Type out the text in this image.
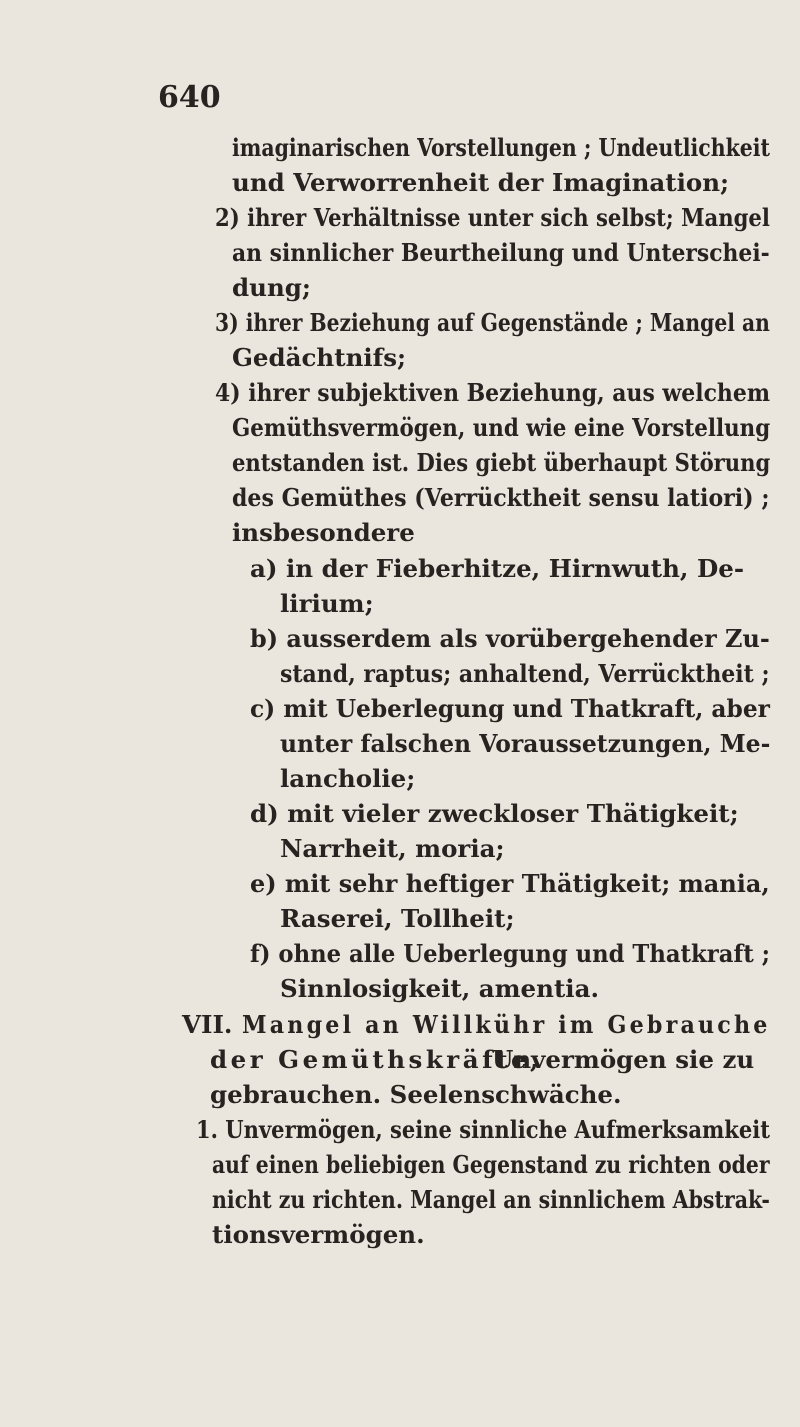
640
imaginarischen Vorstellungen ; Undeutlichkeit
und Verworrenheit der Imagination;
2) ihrer Verhältnisse unter sich selbst; Mangel
an sinnlicher Beurtheilung und Unterschei-
dung;
3) ihrer Beziehung auf Gegenstände ; Mangel an
Gedächtnifs;
4) ihrer subjektiven Beziehung, aus welchem
Gemüthsvermögen, und wie eine Vorstellung
entstanden ist. Dies giebt überhaupt Störung
des Gemüthes (Verrücktheit sensu latiori) ;
insbesondere
a) in der Fieberhitze, Hirnwuth, De-
lirium;
b) ausserdem als vorübergehender Zu-
stand, raptus; anhaltend, Verrücktheit ;
c) mit Ueberlegung und Thatkraft, aber
unter falschen Voraussetzungen, Me-
lancholie;
d) mit vieler zweckloser Thätigkeit;
Narrheit, moria;
e) mit sehr heftiger Thätigkeit; mania,
Raserei, Tollheit;
f) ohne alle Ueberlegung und Thatkraft ;
Sinnlosigkeit, amentia.
VII. Mangel an Willkühr im Gebrauche
der Gemüthskräfte,
Unvermögen sie zu
gebrauchen. Seelenschwäche.
1. Unvermögen, seine sinnliche Aufmerksamkeit
auf einen beliebigen Gegenstand zu richten oder
nicht zu richten. Mangel an sinnlichem Abstrak-
tionsvermögen.
